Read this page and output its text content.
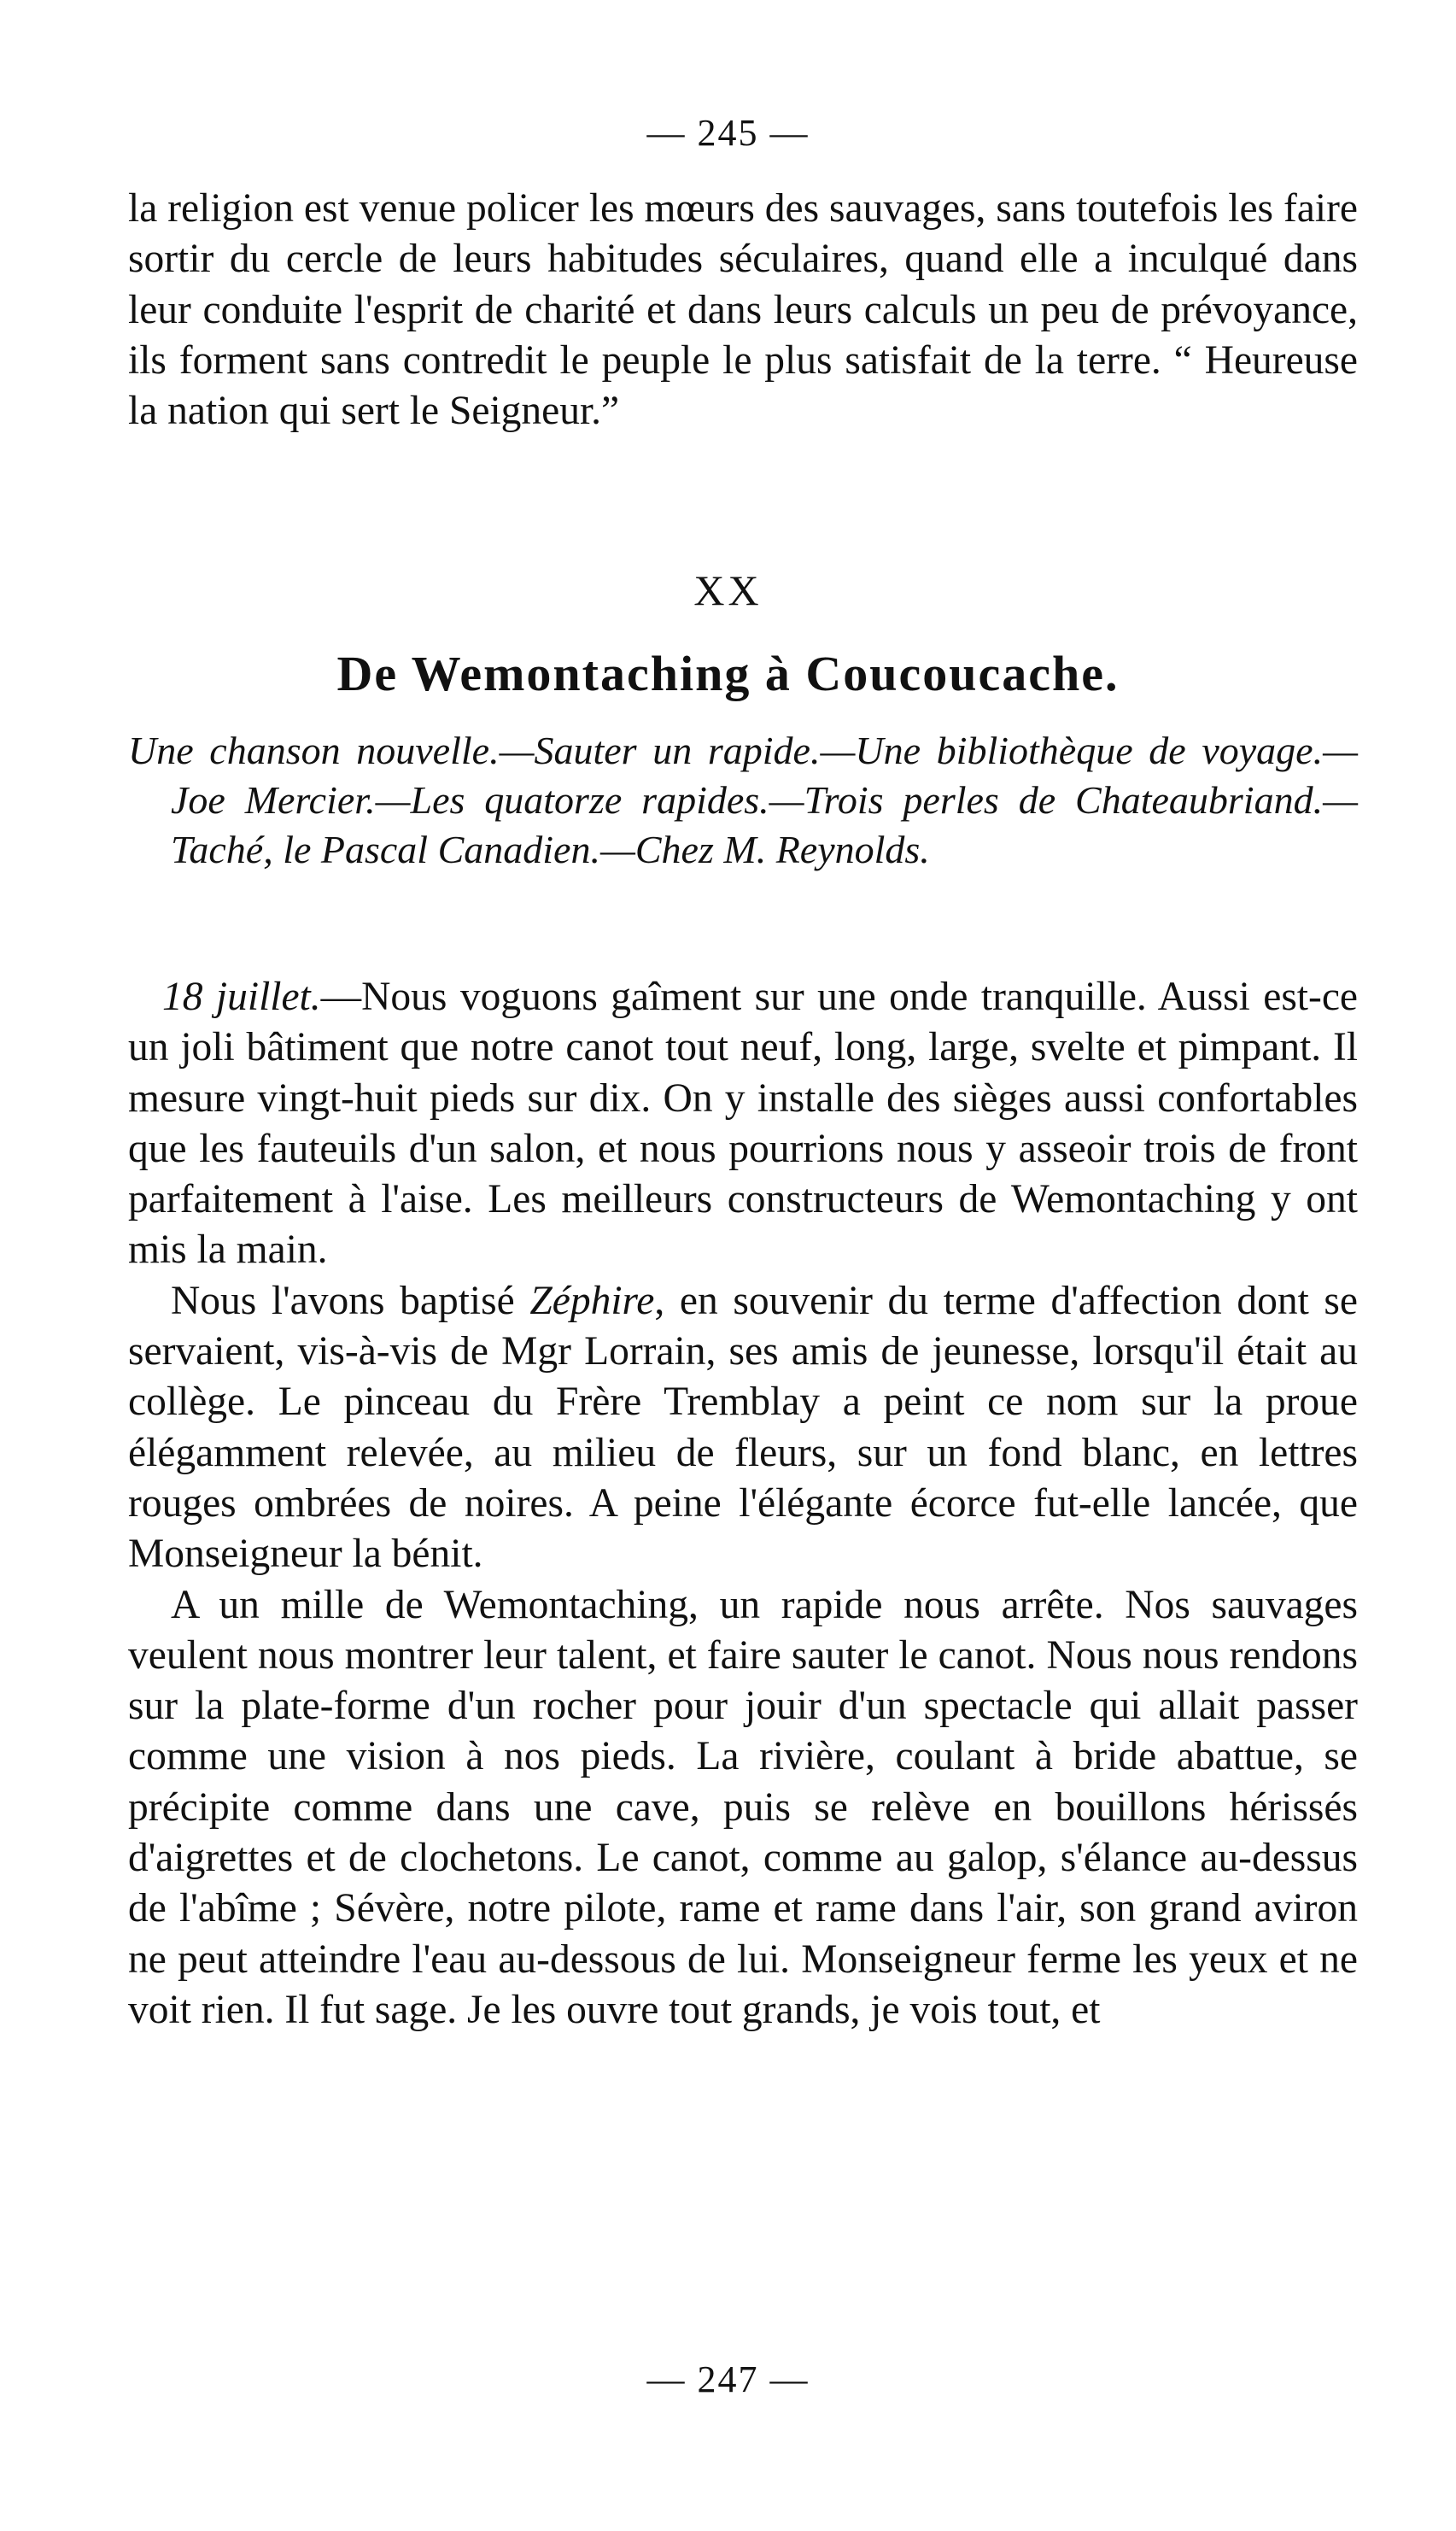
— 245 —

la religion est venue policer les mœurs des sauvages, sans toutefois les faire sortir du cercle de leurs habitudes séculaires, quand elle a inculqué dans leur conduite l'esprit de charité et dans leurs calculs un peu de prévoyance, ils forment sans contredit le peuple le plus satisfait de la terre. “ Heureuse la nation qui sert le Seigneur.”

XX
De Wemontaching à Coucoucache.
Une chanson nouvelle.—Sauter un rapide.—Une bibliothèque de voyage.—Joe Mercier.—Les quatorze rapides.—Trois perles de Chateaubriand.—Taché, le Pascal Canadien.—Chez M. Reynolds.

18 juillet.—Nous voguons gaîment sur une onde tranquille. Aussi est-ce un joli bâtiment que notre canot tout neuf, long, large, svelte et pimpant. Il mesure vingt-huit pieds sur dix. On y installe des sièges aussi confortables que les fauteuils d'un salon, et nous pourrions nous y asseoir trois de front parfaitement à l'aise. Les meilleurs constructeurs de Wemontaching y ont mis la main.

Nous l'avons baptisé Zéphire, en souvenir du terme d'affection dont se servaient, vis-à-vis de Mgr Lorrain, ses amis de jeunesse, lorsqu'il était au collège. Le pinceau du Frère Tremblay a peint ce nom sur la proue élégamment relevée, au milieu de fleurs, sur un fond blanc, en lettres rouges ombrées de noires. A peine l'élégante écorce fut-elle lancée, que Monseigneur la bénit.

A un mille de Wemontaching, un rapide nous arrête. Nos sauvages veulent nous montrer leur talent, et faire sauter le canot. Nous nous rendons sur la plate-forme d'un rocher pour jouir d'un spectacle qui allait passer comme une vision à nos pieds. La rivière, coulant à bride abattue, se précipite comme dans une cave, puis se relève en bouillons hérissés d'aigrettes et de clochetons. Le canot, comme au galop, s'élance au-dessus de l'abîme ; Sévère, notre pilote, rame et rame dans l'air, son grand aviron ne peut atteindre l'eau au-dessous de lui. Monseigneur ferme les yeux et ne voit rien. Il fut sage. Je les ouvre tout grands, je vois tout, et

— 247 —
